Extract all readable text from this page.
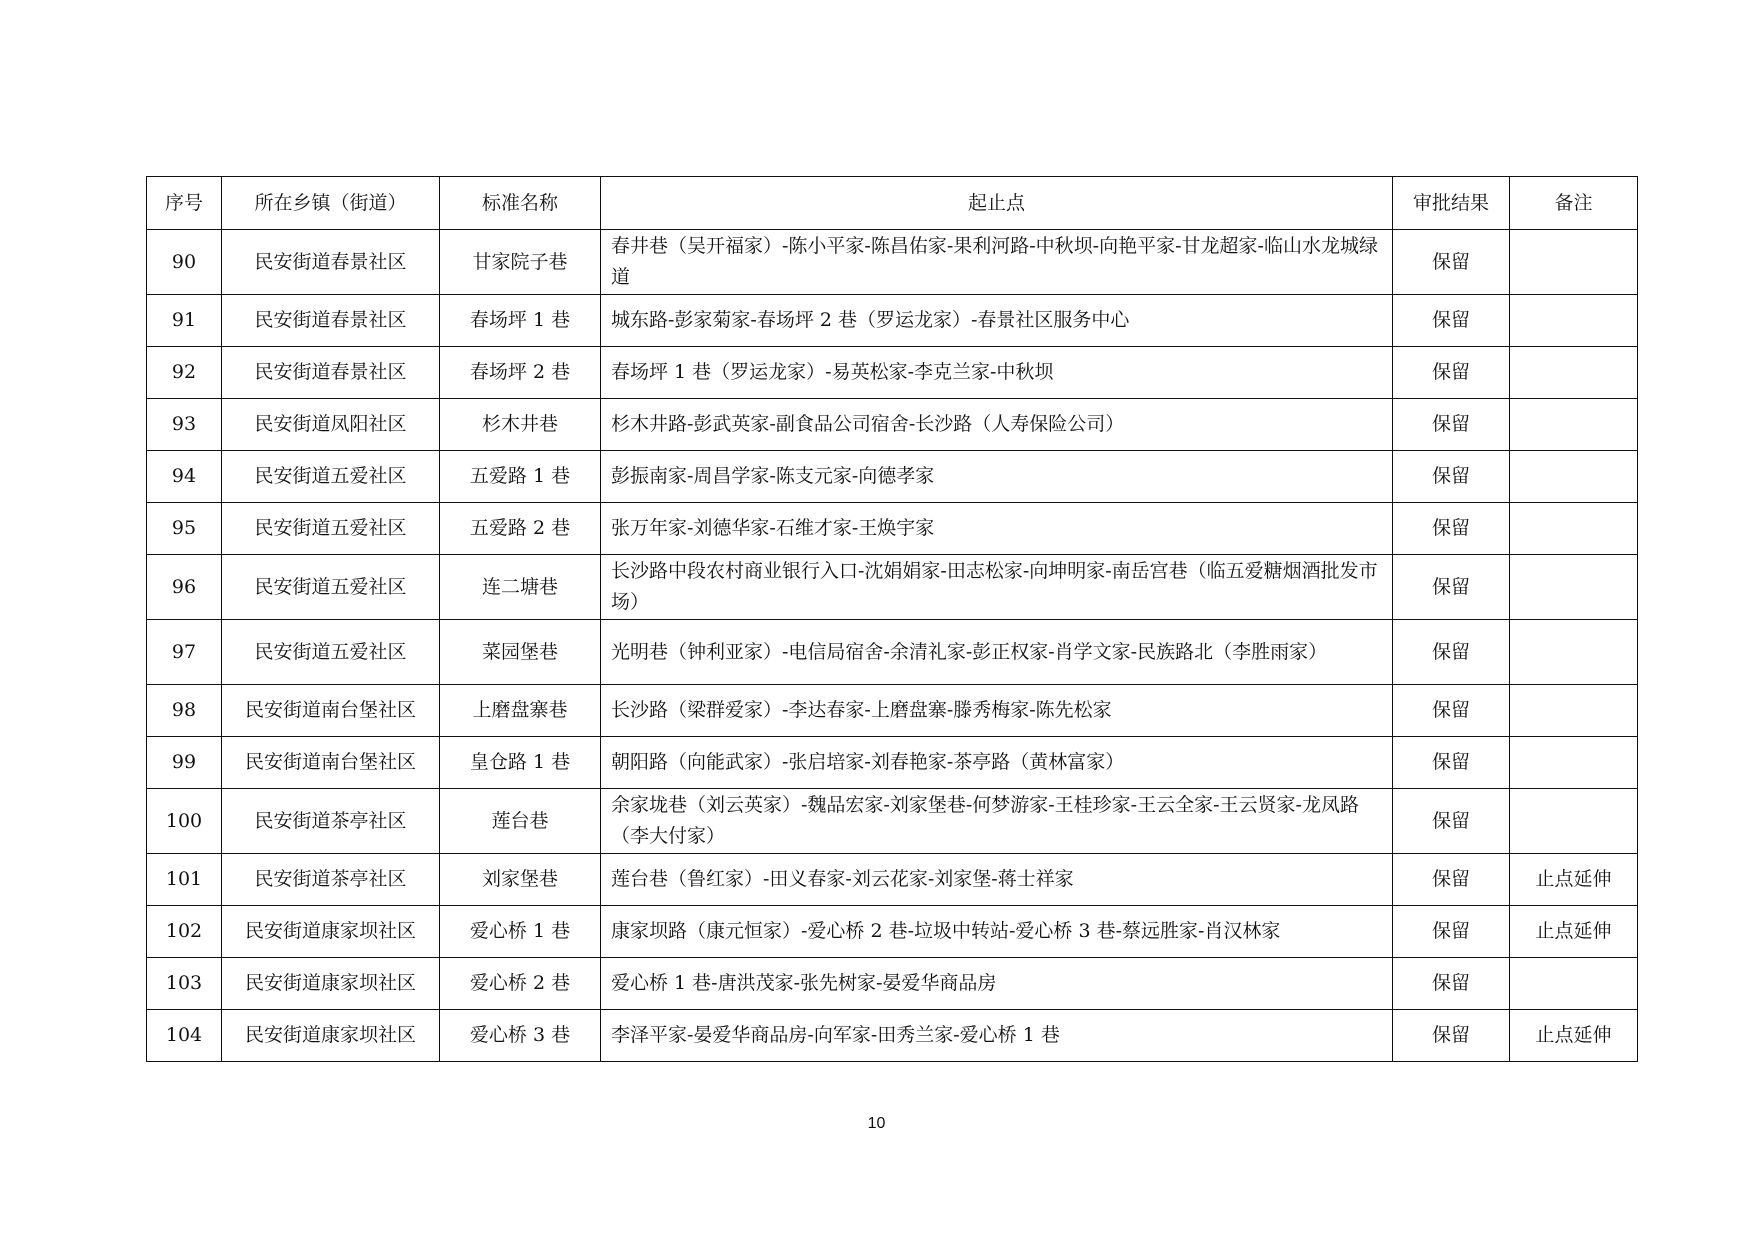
序号	所在乡镇（街道）	标准名称	起止点	审批结果	备注
90	民安街道春景社区	甘家院子巷	春井巷（吴开福家）-陈小平家-陈昌佑家-果利河路-中秋坝-向艳平家-甘龙超家-临山水龙城绿道	保留	
91	民安街道春景社区	春场坪 1 巷	城东路-彭家菊家-春场坪 2 巷（罗运龙家）-春景社区服务中心	保留	
92	民安街道春景社区	春场坪 2 巷	春场坪 1 巷（罗运龙家）-易英松家-李克兰家-中秋坝	保留	
93	民安街道凤阳社区	杉木井巷	杉木井路-彭武英家-副食品公司宿舍-长沙路（人寿保险公司）	保留	
94	民安街道五爱社区	五爱路 1 巷	彭振南家-周昌学家-陈支元家-向德孝家	保留	
95	民安街道五爱社区	五爱路 2 巷	张万年家-刘德华家-石维才家-王焕宇家	保留	
96	民安街道五爱社区	连二塘巷	长沙路中段农村商业银行入口-沈娟娟家-田志松家-向坤明家-南岳宫巷（临五爱糖烟酒批发市场）	保留	
97	民安街道五爱社区	菜园堡巷	光明巷（钟利亚家）-电信局宿舍-余清礼家-彭正权家-肖学文家-民族路北（李胜雨家）	保留	
98	民安街道南台堡社区	上磨盘寨巷	长沙路（梁群爱家）-李达春家-上磨盘寨-滕秀梅家-陈先松家	保留	
99	民安街道南台堡社区	皇仓路 1 巷	朝阳路（向能武家）-张启培家-刘春艳家-茶亭路（黄林富家）	保留	
100	民安街道茶亭社区	莲台巷	余家垅巷（刘云英家）-魏品宏家-刘家堡巷-何梦游家-王桂珍家-王云全家-王云贤家-龙凤路（李大付家）	保留	
101	民安街道茶亭社区	刘家堡巷	莲台巷（鲁红家）-田义春家-刘云花家-刘家堡-蒋士祥家	保留	止点延伸
102	民安街道康家坝社区	爱心桥 1 巷	康家坝路（康元恒家）-爱心桥 2 巷-垃圾中转站-爱心桥 3 巷-蔡远胜家-肖汉林家	保留	止点延伸
103	民安街道康家坝社区	爱心桥 2 巷	爱心桥 1 巷-唐洪茂家-张先树家-晏爱华商品房	保留	
104	民安街道康家坝社区	爱心桥 3 巷	李泽平家-晏爱华商品房-向军家-田秀兰家-爱心桥 1 巷	保留	止点延伸
10
